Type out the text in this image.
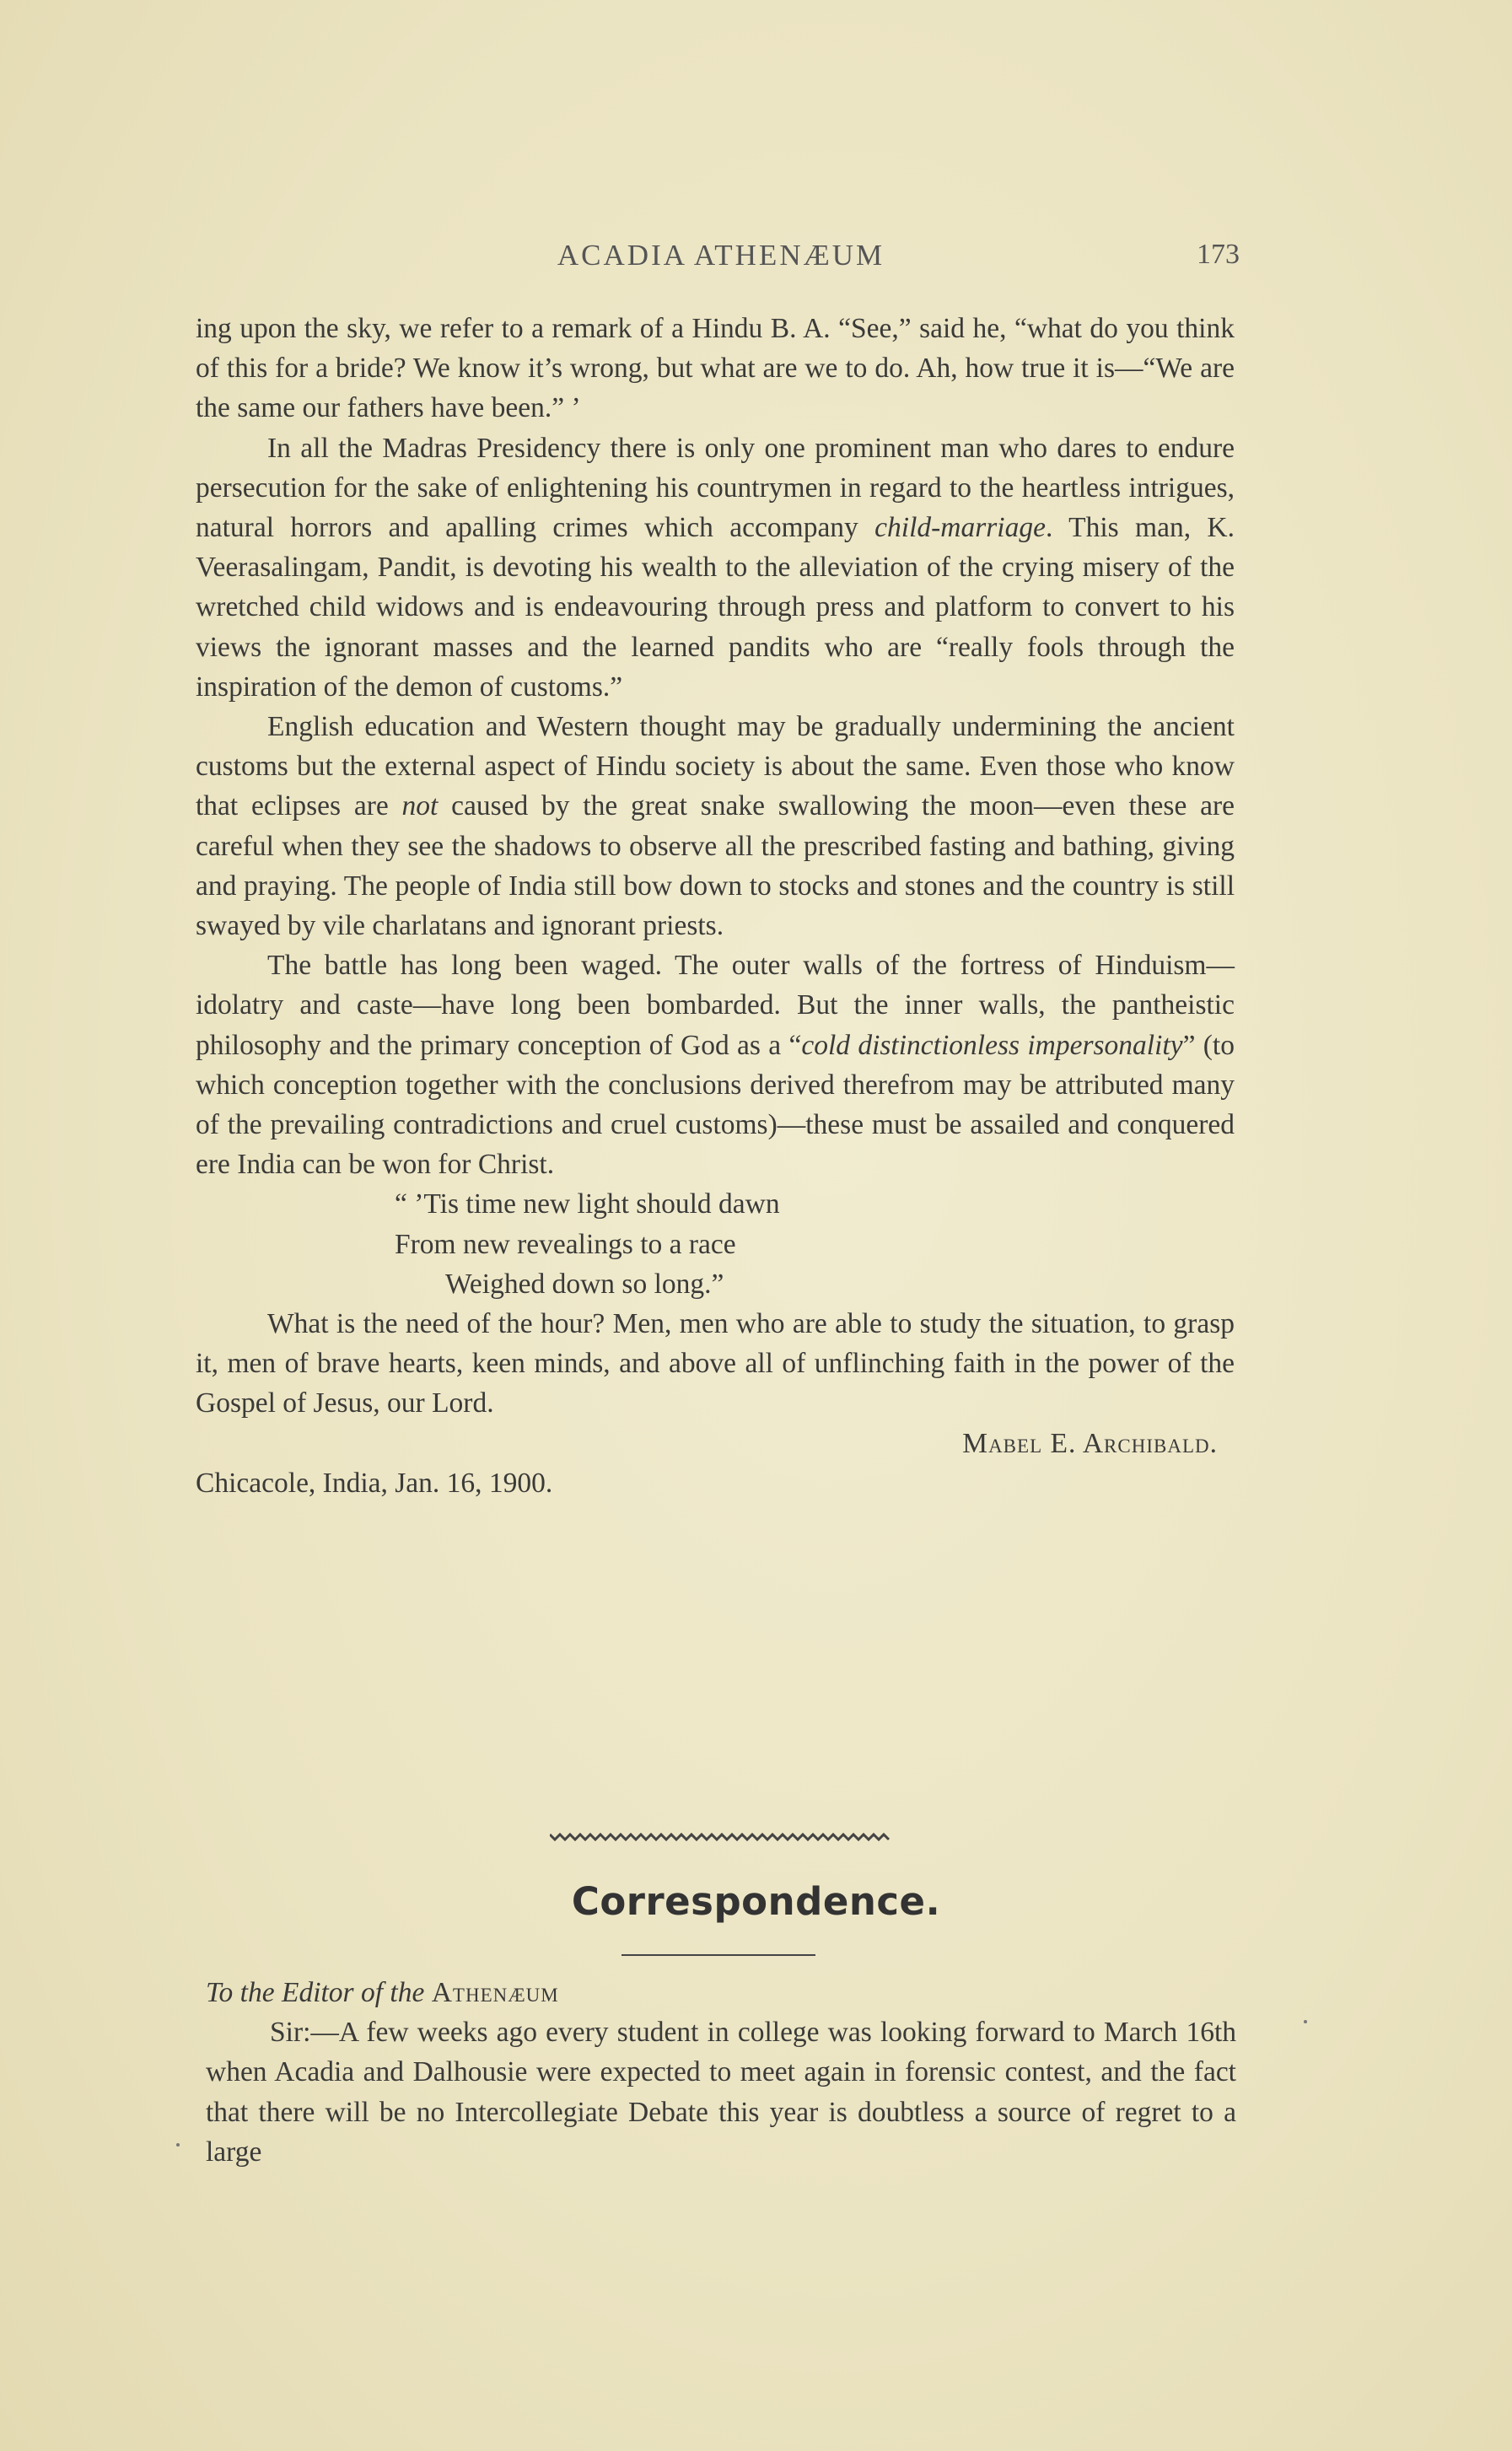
ACADIA ATHENÆUM	173

ing upon the sky, we refer to a remark of a Hindu B. A. “See,” said he, “what do you think of this for a bride? We know it’s wrong, but what are we to do. Ah, how true it is—“We are the same our fathers have been.” ’

In all the Madras Presidency there is only one prominent man who dares to endure persecution for the sake of enlightening his countrymen in regard to the heartless intrigues, natural horrors and apalling crimes which accompany child-marriage. This man, K. Veerasalingam, Pandit, is devoting his wealth to the alleviation of the crying misery of the wretched child widows and is endeavouring through press and platform to convert to his views the ignorant masses and the learned pandits who are “really fools through the inspiration of the demon of customs.”

English education and Western thought may be gradually undermining the ancient customs but the external aspect of Hindu society is about the same. Even those who know that eclipses are not caused by the great snake swallowing the moon—even these are careful when they see the shadows to observe all the prescribed fasting and bathing, giving and praying. The people of India still bow down to stocks and stones and the country is still swayed by vile charlatans and ignorant priests.

The battle has long been waged. The outer walls of the fortress of Hinduism—idolatry and caste—have long been bombarded. But the inner walls, the pantheistic philosophy and the primary conception of God as a “cold distinctionless impersonality” (to which conception together with the conclusions derived therefrom may be attributed many of the prevailing contradictions and cruel customs)—these must be assailed and conquered ere India can be won for Christ.

“ ’Tis time new light should dawn
From new revealings to a race
Weighed down so long.”

What is the need of the hour? Men, men who are able to study the situation, to grasp it, men of brave hearts, keen minds, and above all of unflinching faith in the power of the Gospel of Jesus, our Lord.

Mabel E. Archibald.

Chicacole, India, Jan. 16, 1900.

Correspondence.

To the Editor of the Athenæum

Sir:—A few weeks ago every student in college was looking forward to March 16th when Acadia and Dalhousie were expected to meet again in forensic contest, and the fact that there will be no Intercollegiate Debate this year is doubtless a source of regret to a large
